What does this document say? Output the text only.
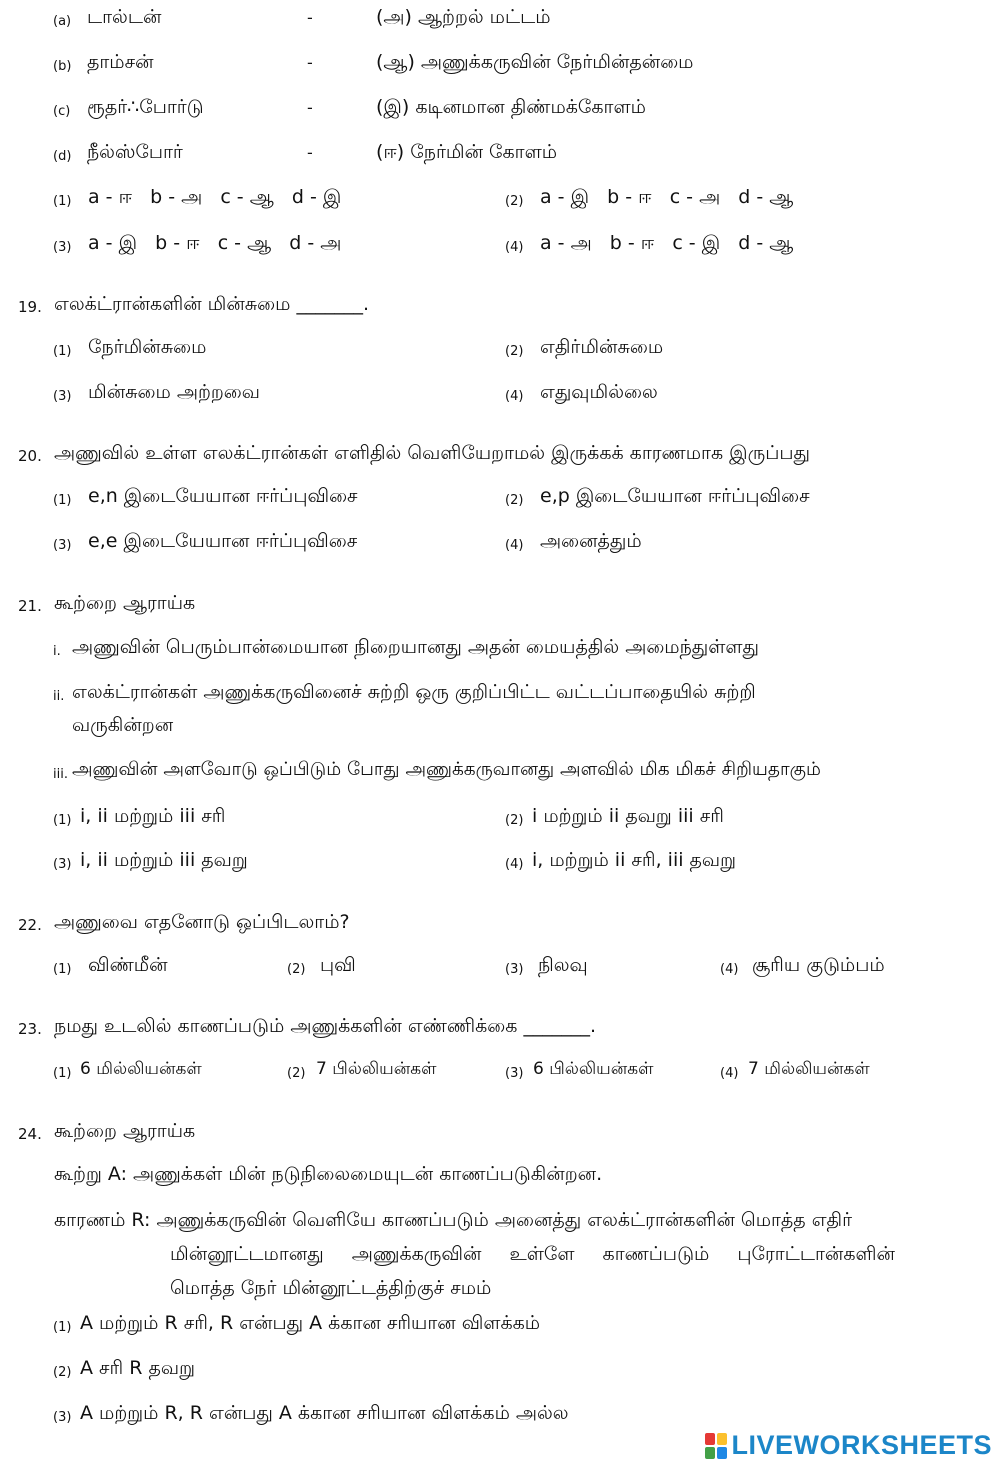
(a) டால்டன்	-	(அ) ஆற்றல் மட்டம்
(b) தாம்சன்	-	(ஆ) அணுக்கருவின் நேர்மின்தன்மை
(c) ரூதர்∴போர்டு	-	(இ) கடினமான திண்மக்கோளம்
(d) நீல்ஸ்போர்	-	(ஈ) நேர்மின் கோளம்
(1) a - ஈ   b - அ   c - ஆ   d - இ	(2) a - இ   b - ஈ   c - அ   d - ஆ
(3) a - இ   b - ஈ   c - ஆ   d - அ	(4) a - அ   b - ஈ   c - இ   d - ஆ
19. எலக்ட்ரான்களின் மின்சுமை _______.
(1) நேர்மின்சுமை	(2) எதிர்மின்சுமை
(3) மின்சுமை அற்றவை	(4) எதுவுமில்லை
20. அணுவில் உள்ள எலக்ட்ரான்கள் எளிதில் வெளியேறாமல் இருக்கக் காரணமாக இருப்பது
(1) e,n இடையேயான ஈர்ப்புவிசை	(2) e,p இடையேயான ஈர்ப்புவிசை
(3) e,e இடையேயான ஈர்ப்புவிசை	(4) அனைத்தும்
21. கூற்றை ஆராய்க
i. அணுவின் பெரும்பான்மையான நிறையானது அதன் மையத்தில் அமைந்துள்ளது
ii. எலக்ட்ரான்கள் அணுக்கருவினைச் சுற்றி ஒரு குறிப்பிட்ட வட்டப்பாதையில் சுற்றி
வருகின்றன
iii. அணுவின் அளவோடு ஒப்பிடும் போது அணுக்கருவானது அளவில் மிக மிகச் சிறியதாகும்
(1) i, ii மற்றும் iii சரி	(2) i மற்றும் ii தவறு iii சரி
(3) i, ii மற்றும் iii தவறு	(4) i, மற்றும் ii சரி, iii தவறு
22. அணுவை எதனோடு ஒப்பிடலாம்?
(1) விண்மீன்	(2) புவி	(3) நிலவு	(4) சூரிய குடும்பம்
23. நமது உடலில் காணப்படும் அணுக்களின் எண்ணிக்கை _______.
(1) 6 மில்லியன்கள்	(2) 7 பில்லியன்கள்	(3) 6 பில்லியன்கள்	(4) 7 மில்லியன்கள்
24. கூற்றை ஆராய்க
கூற்று A: அணுக்கள் மின் நடுநிலைமையுடன் காணப்படுகின்றன.
காரணம் R: அணுக்கருவின் வெளியே காணப்படும் அனைத்து எலக்ட்ரான்களின் மொத்த எதிர்
மின்னூட்டமானது அணுக்கருவின் உள்ளே காணப்படும் புரோட்டான்களின்
மொத்த நேர் மின்னூட்டத்திற்குச் சமம்
(1) A மற்றும் R சரி, R என்பது A க்கான சரியான விளக்கம்
(2) A சரி R தவறு
(3) A மற்றும் R, R என்பது A க்கான சரியான விளக்கம் அல்ல
LIVEWORKSHEETS
